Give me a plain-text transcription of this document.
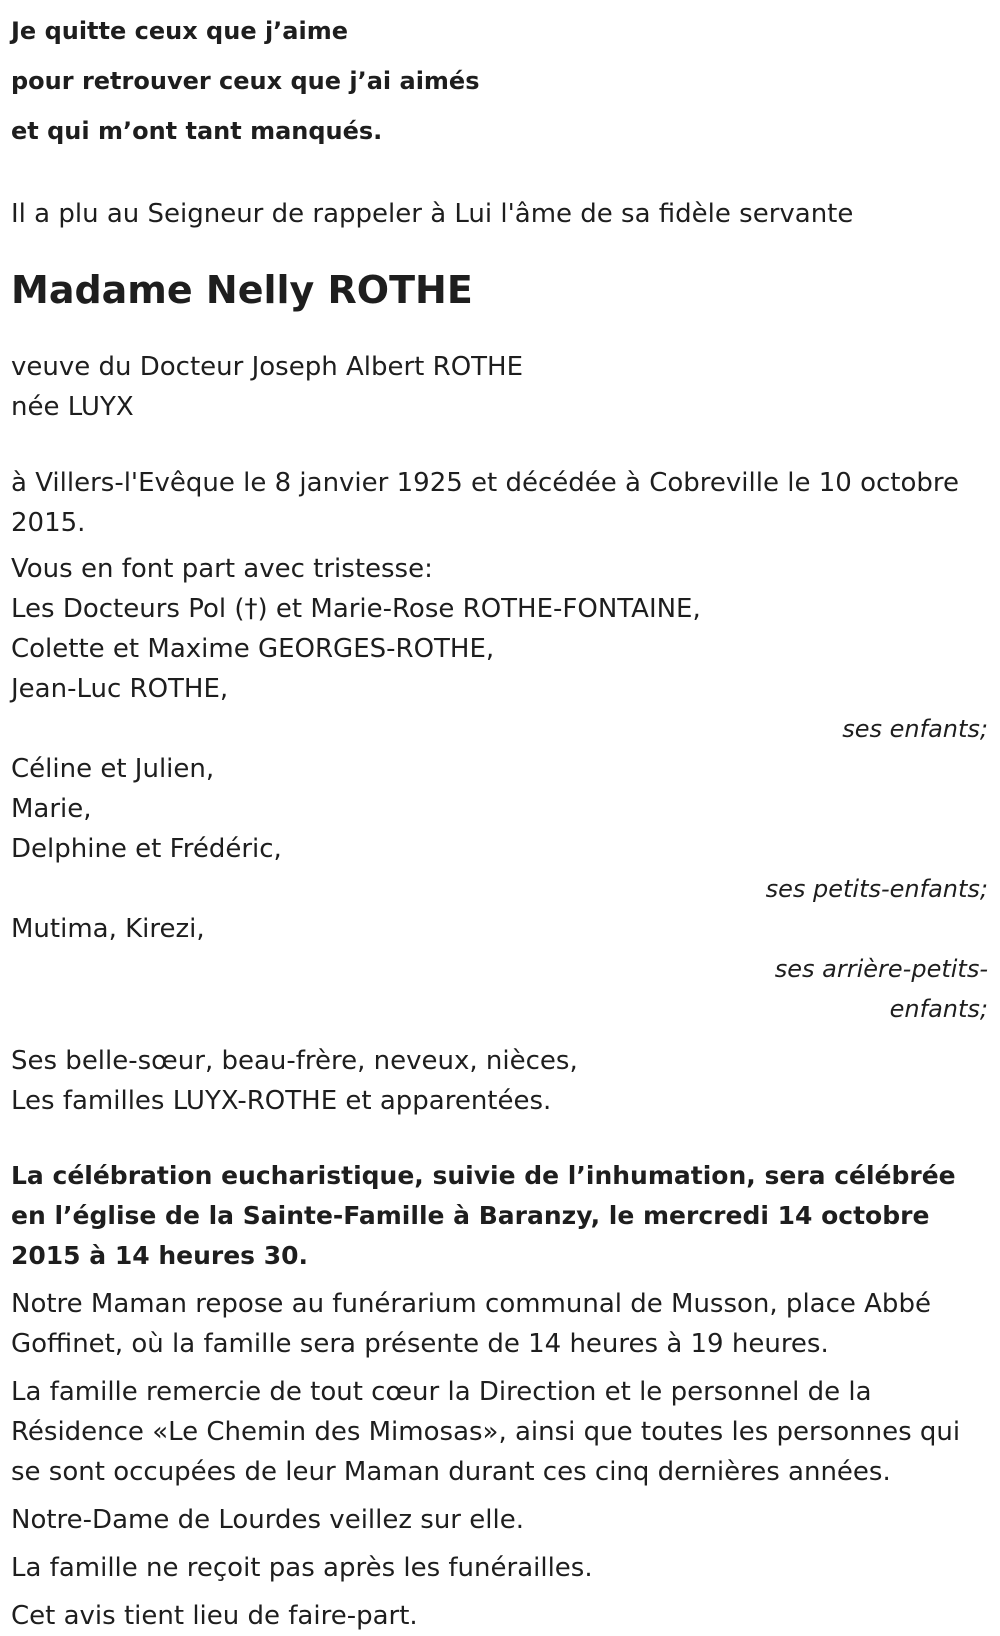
Je quitte ceux que j’aime
pour retrouver ceux que j’ai aimés
et qui m’ont tant manqués.
Il a plu au Seigneur de rappeler à Lui l'âme de sa fidèle servante
Madame Nelly ROTHE
veuve du Docteur Joseph Albert ROTHE
née LUYX
à Villers-l'Evêque le 8 janvier 1925 et décédée à Cobreville le 10 octobre 2015.
Vous en font part avec tristesse:
Les Docteurs Pol (†) et Marie-Rose ROTHE-FONTAINE,
Colette et Maxime GEORGES-ROTHE,
Jean-Luc ROTHE,
ses enfants;
Céline et Julien,
Marie,
Delphine et Frédéric,
ses petits-enfants;
Mutima, Kirezi,
ses arrière-petits-
enfants;
Ses belle-sœur, beau-frère, neveux, nièces,
Les familles LUYX-ROTHE et apparentées.
La célébration eucharistique, suivie de l’inhumation, sera célébrée en l’église de la Sainte-Famille à Baranzy, le mercredi 14 octobre 2015 à 14 heures 30.
Notre Maman repose au funérarium communal de Musson, place Abbé Goffinet, où la famille sera présente de 14 heures à 19 heures.
La famille remercie de tout cœur la Direction et le personnel de la Résidence «Le Chemin des Mimosas», ainsi que toutes les personnes qui se sont occupées de leur Maman durant ces cinq dernières années.
Notre-Dame de Lourdes veillez sur elle.
La famille ne reçoit pas après les funérailles.
Cet avis tient lieu de faire-part.
